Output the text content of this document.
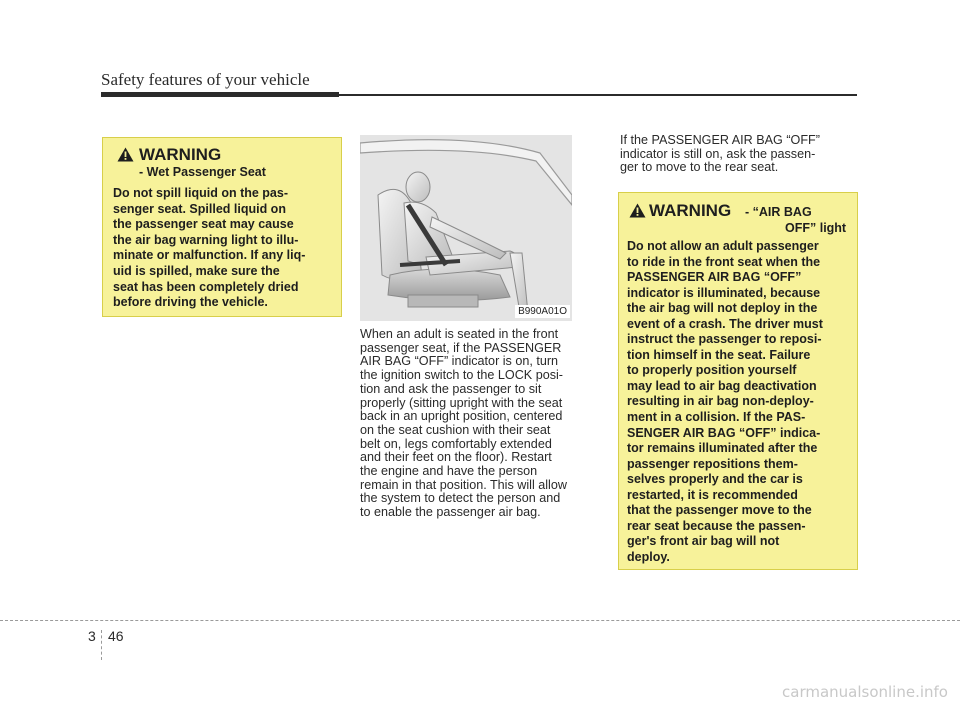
Safety features of your vehicle
WARNING
- Wet Passenger Seat
Do not spill liquid on the pas-
senger seat. Spilled liquid on
the passenger seat may cause
the air bag warning light to illu-
minate or malfunction. If any liq-
uid is spilled, make sure the
seat has been completely dried
before driving the vehicle.
B990A01O
When an adult is seated in the front
passenger seat, if the PASSENGER
AIR BAG “OFF” indicator is on, turn
the ignition switch to the LOCK posi-
tion and ask the passenger to sit
properly (sitting upright with the seat
back in an upright position, centered
on the seat cushion with their seat
belt on, legs comfortably extended
and their feet on the floor). Restart
the engine and have the person
remain in that position. This will allow
the system to detect the person and
to enable the passenger air bag.
If the PASSENGER AIR BAG “OFF”
indicator is still on, ask the passen-
ger to move to the rear seat.
WARNING - “AIR BAG
OFF” light
Do not allow an adult passenger
to ride in the front seat when the
PASSENGER AIR BAG “OFF”
indicator is illuminated, because
the air bag will not deploy in the
event of a crash. The driver must
instruct the passenger to reposi-
tion himself in the seat. Failure
to properly position yourself
may lead to air bag deactivation
resulting in air bag non-deploy-
ment in a collision. If the PAS-
SENGER AIR BAG “OFF” indica-
tor remains illuminated after the
passenger repositions them-
selves properly and the car is
restarted, it is recommended
that the passenger move to the
rear seat because the passen-
ger's front air bag will not
deploy.
3 46
carmanualsonline.info
